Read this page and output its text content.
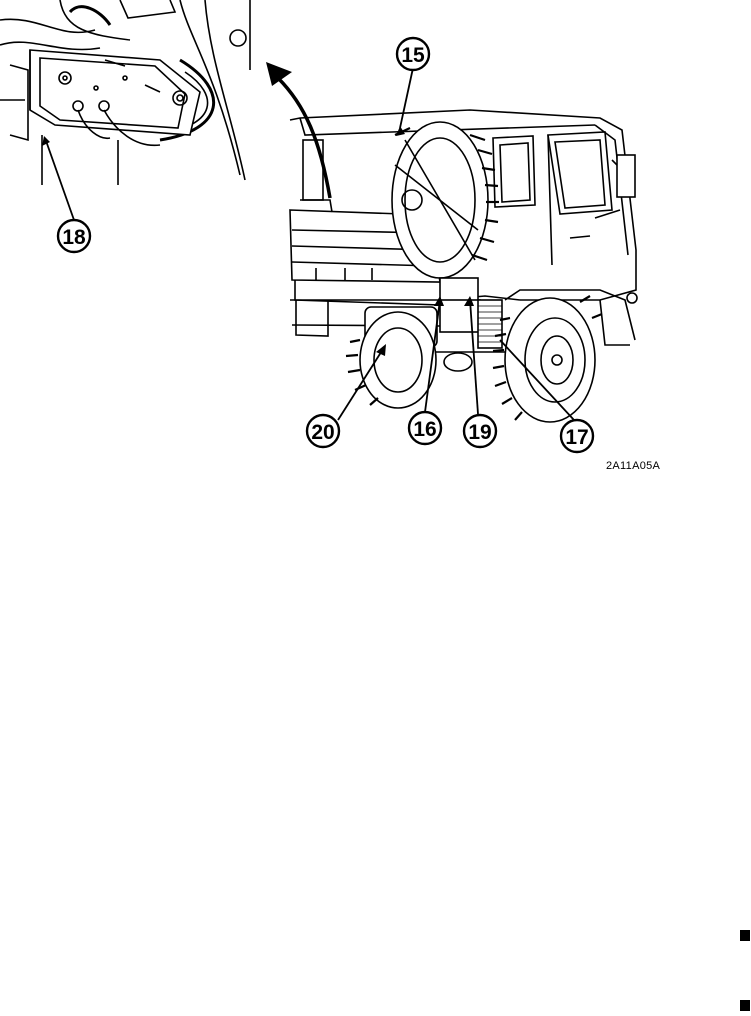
15
18
20	16 19	17
2A11A05A
